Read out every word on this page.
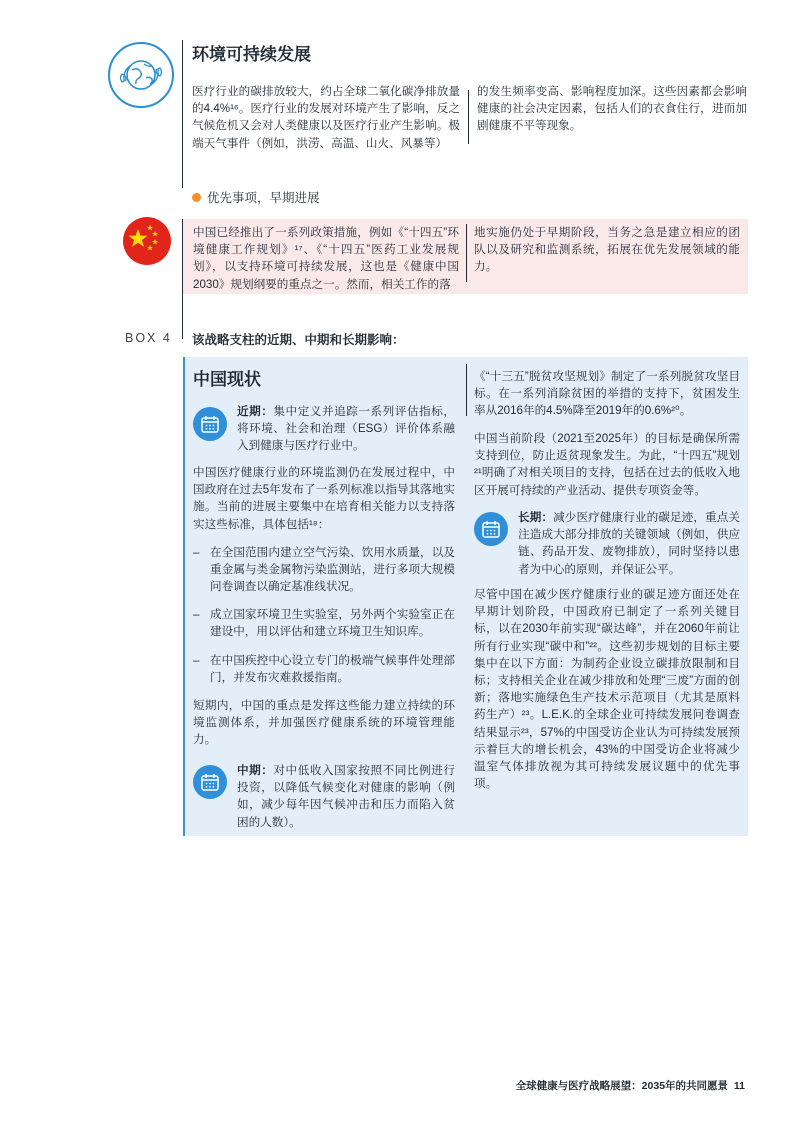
环境可持续发展

医疗行业的碳排放较大，约占全球二氧化碳净排放量的4.4%¹⁶。医疗行业的发展对环境产生了影响，反之气候危机又会对人类健康以及医疗行业产生影响。极端天气事件（例如，洪涝、高温、山火、风暴等）

的发生频率变高、影响程度加深。这些因素都会影响健康的社会决定因素，包括人们的衣食住行，进而加剧健康不平等现象。

优先事项，早期进展

中国已经推出了一系列政策措施，例如《“十四五”环境健康工作规划》¹⁷、《“十四五”医药工业发展规划》，以支持环境可持续发展，这也是《健康中国2030》规划纲要的重点之一。然而，相关工作的落

地实施仍处于早期阶段，当务之急是建立相应的团队以及研究和监测系统，拓展在优先发展领域的能力。

BOX 4 该战略支柱的近期、中期和长期影响：
中国现状

近期：集中定义并追踪一系列评估指标，将环境、社会和治理（ESG）评价体系融入到健康与医疗行业中。

中国医疗健康行业的环境监测仍在发展过程中，中国政府在过去5年发布了一系列标准以指导其落地实施。当前的进展主要集中在培育相关能力以支持落实这些标准，具体包括¹⁸：

– 在全国范围内建立空气污染、饮用水质量，以及重金属与类金属物污染监测站，进行多项大规模问卷调查以确定基准线状况。
– 成立国家环境卫生实验室，另外两个实验室正在建设中，用以评估和建立环境卫生知识库。
– 在中国疾控中心设立专门的极端气候事件处理部门，并发布灾难救援指南。

短期内，中国的重点是发挥这些能力建立持续的环境监测体系，并加强医疗健康系统的环境管理能力。

中期：对中低收入国家按照不同比例进行投资，以降低气候变化对健康的影响（例如，减少每年因气候冲击和压力而陷入贫困的人数）。

《“十三五”脱贫攻坚规划》制定了一系列脱贫攻坚目标。在一系列消除贫困的举措的支持下，贫困发生率从2016年的4.5%降至2019年的0.6%²⁰。

中国当前阶段（2021至2025年）的目标是确保所需支持到位，防止返贫现象发生。为此，“十四五”规划²¹明确了对相关项目的支持，包括在过去的低收入地区开展可持续的产业活动、提供专项资金等。

长期：减少医疗健康行业的碳足迹，重点关注造成大部分排放的关键领域（例如，供应链、药品开发、废物排放），同时坚持以患者为中心的原则，并保证公平。

尽管中国在减少医疗健康行业的碳足迹方面还处在早期计划阶段，中国政府已制定了一系列关键目标，以在2030年前实现“碳达峰”，并在2060年前让所有行业实现“碳中和”²²。这些初步规划的目标主要集中在以下方面：为制药企业设立碳排放限制和目标；支持相关企业在减少排放和处理“三废”方面的创新；落地实施绿色生产技术示范项目（尤其是原料药生产）²³。L.E.K.的全球企业可持续发展问卷调查结果显示²³，57%的中国受访企业认为可持续发展预示着巨大的增长机会，43%的中国受访企业将减少温室气体排放视为其可持续发展议题中的优先事项。

全球健康与医疗战略展望：2035年的共同愿景 11
